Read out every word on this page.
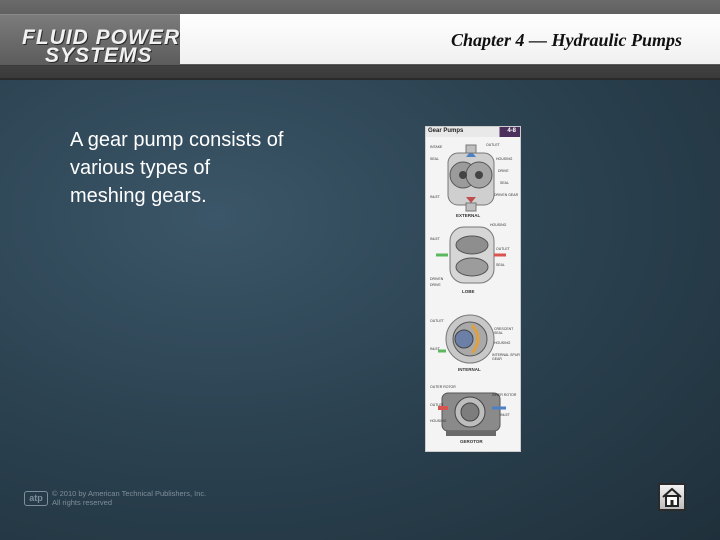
FLUID POWER
SYSTEMS
Chapter 4 — Hydraulic Pumps
A gear pump consists of
various types of
meshing gears.
Gear Pumps	4-8
EXTERNAL
LOBE
INTERNAL
GEROTOR
INTAKE	OUTLET
SEAL	HOUSING
DRIVE
SEAL
DRIVEN GEAR
INLET
HOUSING
INLET
OUTLET
SEAL
DRIVEN
DRIVE
OUTLET
CRESCENT SEAL
INLET
HOUSING
INTERNAL SPUR GEAR
OUTER ROTOR
OUTLET
INNER ROTOR
INLET
HOUSING
atp	© 2010 by American Technical Publishers, Inc.
All rights reserved
